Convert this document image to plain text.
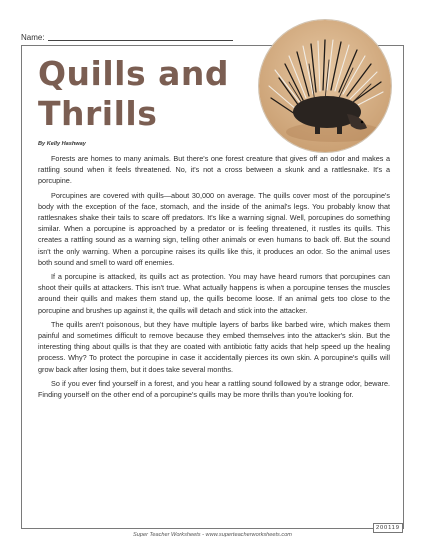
Name:
Quills and
Thrills
By Kelly Hashway

Forests are homes to many animals. But there's one forest creature that gives off an odor and makes a rattling sound when it feels threatened. No, it's not a cross between a skunk and a rattlesnake. It's a porcupine.

Porcupines are covered with quills—about 30,000 on average. The quills cover most of the porcupine's body with the exception of the face, stomach, and the inside of the animal's legs. You probably know that rattlesnakes shake their tails to scare off predators. It's like a warning signal. Well, porcupines do something similar. When a porcupine is approached by a predator or is feeling threatened, it rustles its quills. This creates a rattling sound as a warning sign, telling other animals or even humans to back off. But the sound isn't the only warning. When a porcupine raises its quills like this, it produces an odor. So the animal uses both sound and smell to ward off enemies.

If a porcupine is attacked, its quills act as protection. You may have heard rumors that porcupines can shoot their quills at attackers. This isn't true. What actually happens is when a porcupine tenses the muscles around their quills and makes them stand up, the quills become loose. If an animal gets too close to the porcupine and brushes up against it, the quills will detach and stick into the attacker.

The quills aren't poisonous, but they have multiple layers of barbs like barbed wire, which makes them painful and sometimes difficult to remove because they embed themselves into the attacker's skin. But the interesting thing about quills is that they are coated with antibiotic fatty acids that help speed up the healing process. Why? To protect the porcupine in case it accidentally pierces its own skin. A porcupine's quills will grow back after losing them, but it does take several months.

So if you ever find yourself in a forest, and you hear a rattling sound followed by a strange odor, beware. Finding yourself on the other end of a porcupine's quills may be more thrills than you're looking for.

200119
Super Teacher Worksheets - www.superteacherworksheets.com
